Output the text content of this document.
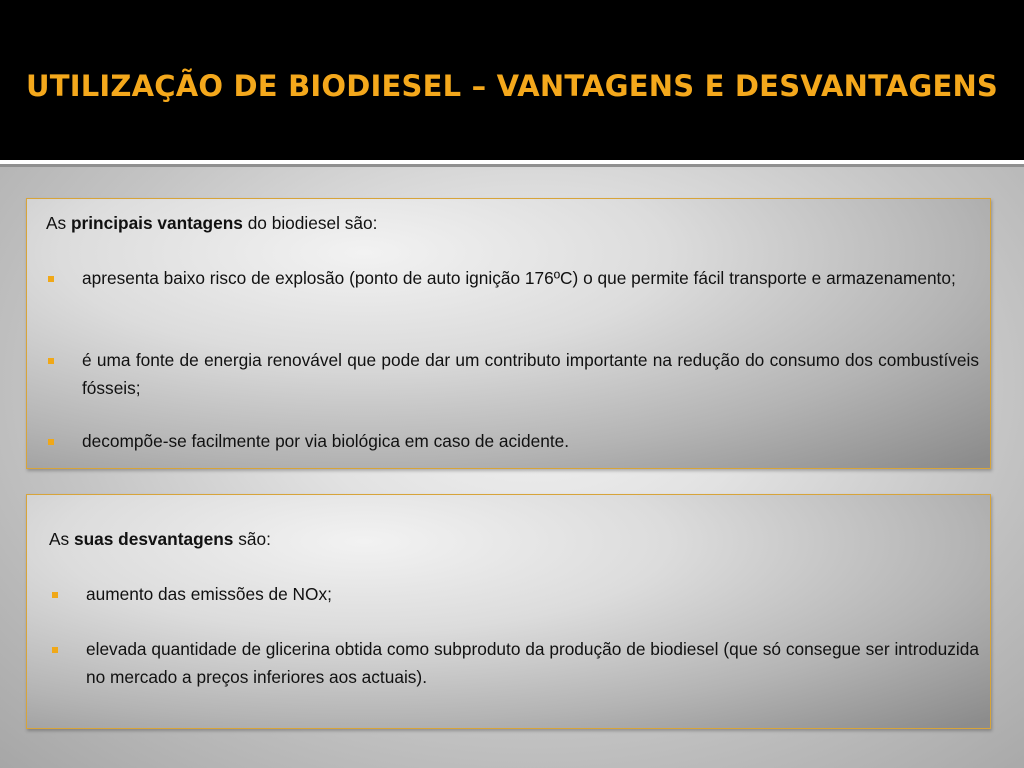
UTILIZAÇÃO DE BIODIESEL – VANTAGENS E DESVANTAGENS
As principais vantagens do biodiesel são:
apresenta baixo risco de explosão (ponto de auto ignição 176ºC) o que permite fácil transporte e armazenamento;
é uma fonte de energia renovável que pode dar um contributo importante na redução do consumo dos combustíveis fósseis;
decompõe-se facilmente por via biológica em caso de acidente.
As suas desvantagens são:
aumento das emissões de NOx;
elevada quantidade de glicerina obtida como subproduto da produção de biodiesel (que só consegue ser introduzida no mercado a preços inferiores aos actuais).
